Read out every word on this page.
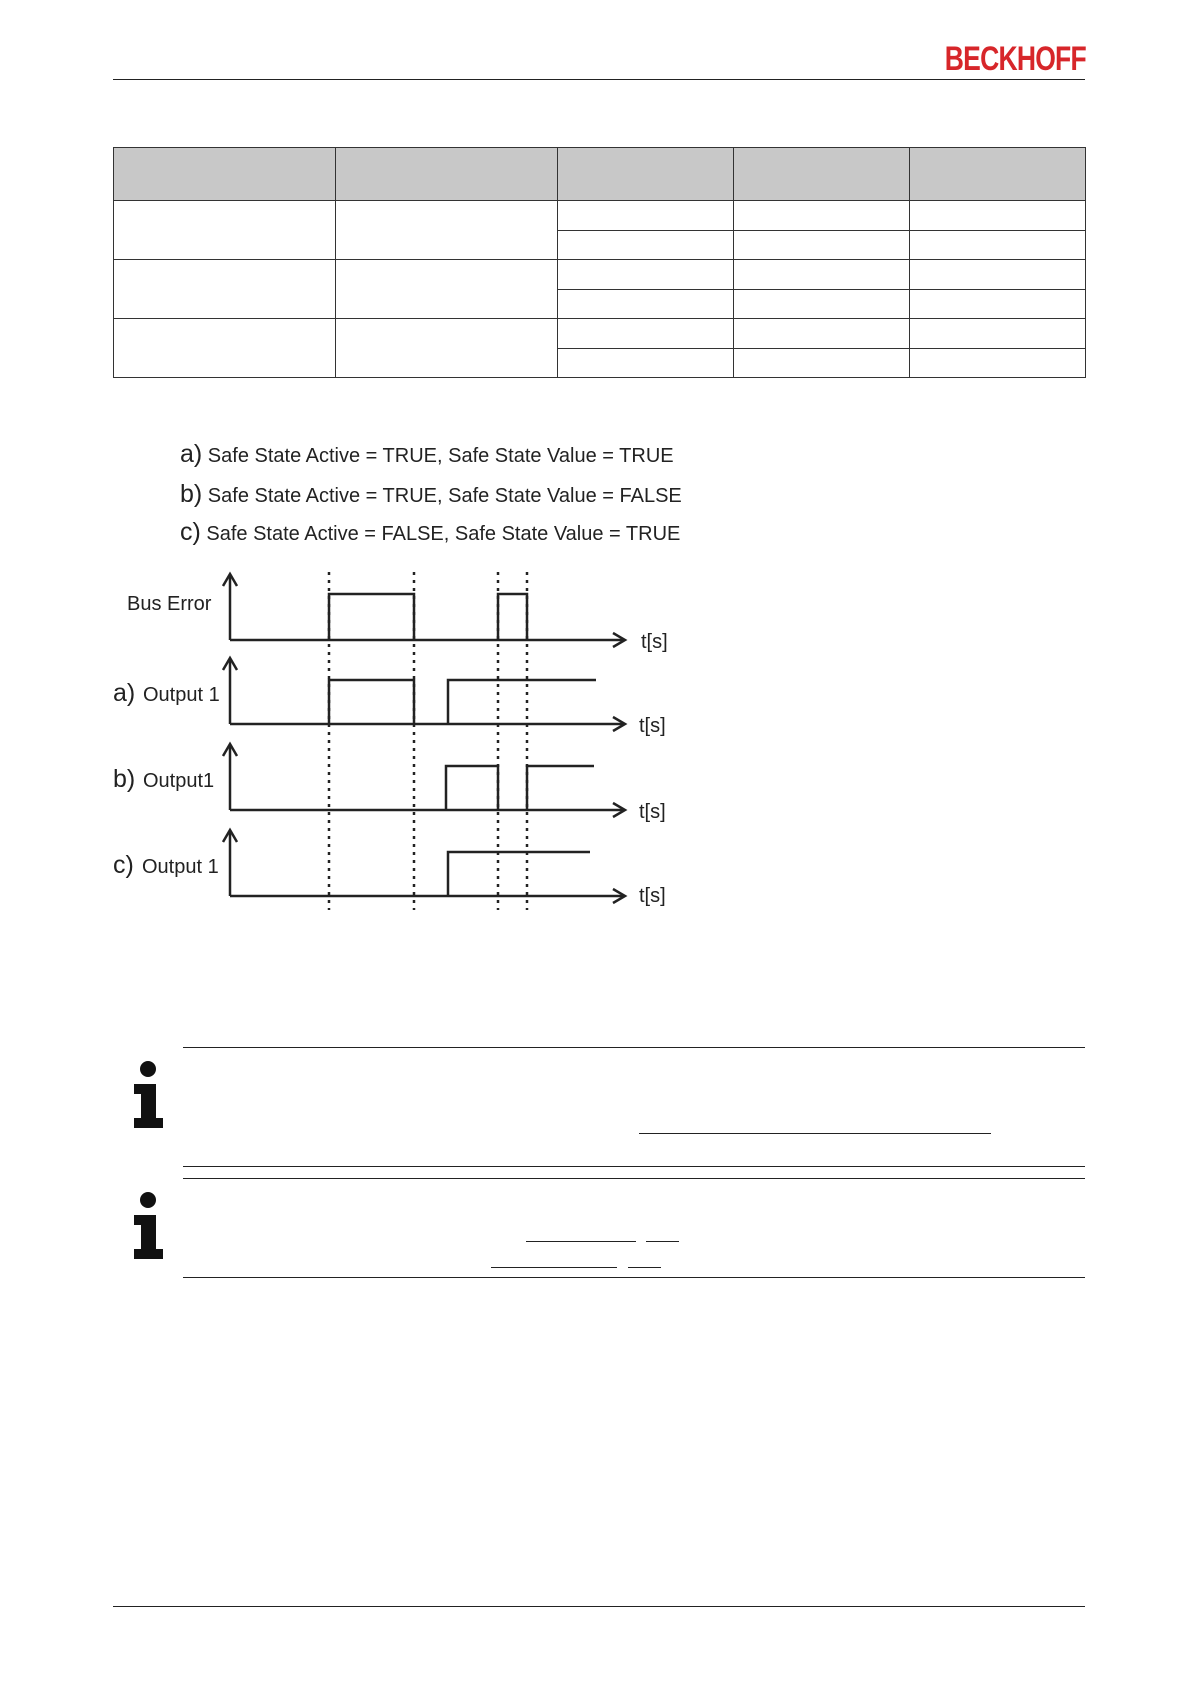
BECKHOFF

a) Safe State Active = TRUE, Safe State Value = TRUE
b) Safe State Active = TRUE, Safe State Value = FALSE
c) Safe State Active = FALSE, Safe State Value = TRUE
Bus Error
t[s]
a) Output 1
t[s]
b) Output1
t[s]
c) Output 1
t[s]
